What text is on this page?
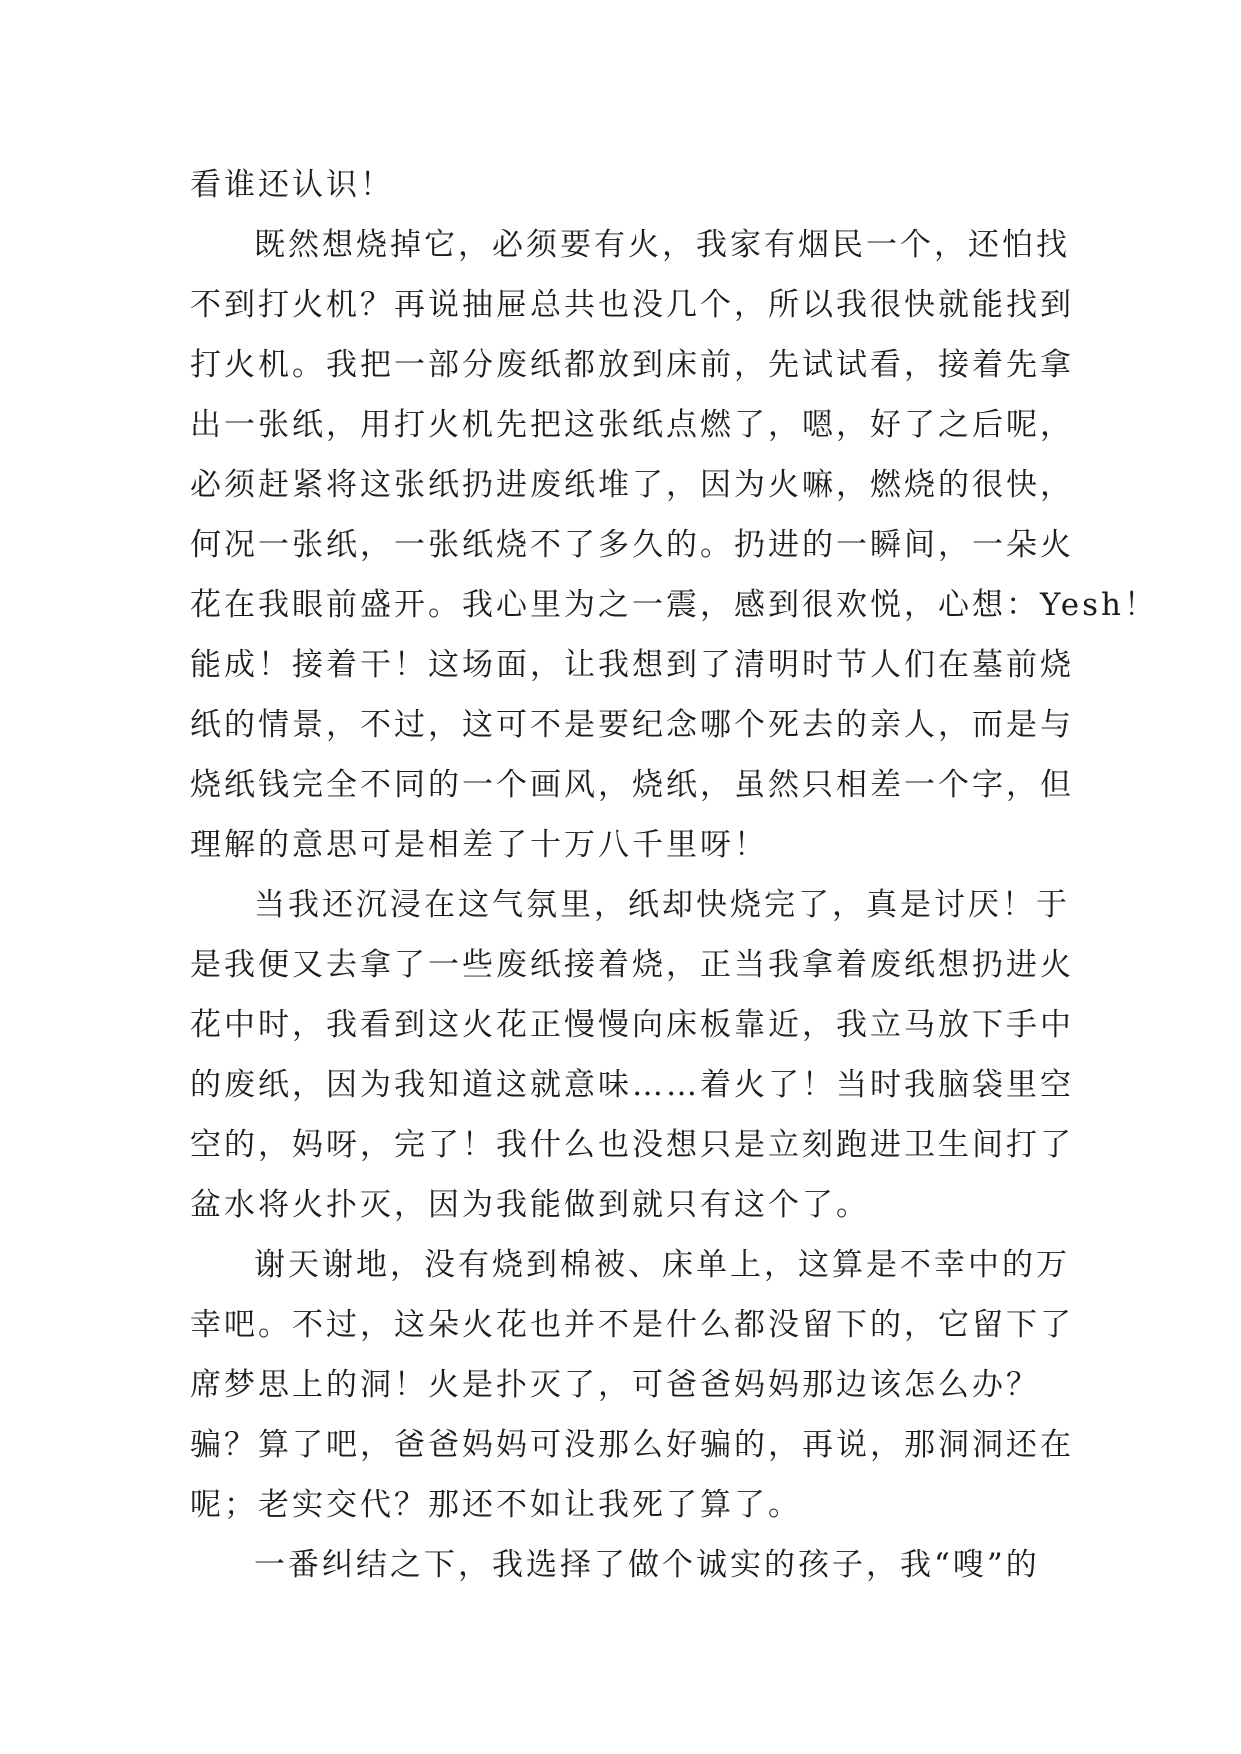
看谁还认识！
既然想烧掉它，必须要有火，我家有烟民一个，还怕找
不到打火机？再说抽屉总共也没几个，所以我很快就能找到
打火机。我把一部分废纸都放到床前，先试试看，接着先拿
出一张纸，用打火机先把这张纸点燃了，嗯，好了之后呢，
必须赶紧将这张纸扔进废纸堆了，因为火嘛，燃烧的很快，
何况一张纸，一张纸烧不了多久的。扔进的一瞬间，一朵火
花在我眼前盛开。我心里为之一震，感到很欢悦，心想：Yesh！
能成！接着干！这场面，让我想到了清明时节人们在墓前烧
纸的情景，不过，这可不是要纪念哪个死去的亲人，而是与
烧纸钱完全不同的一个画风，烧纸，虽然只相差一个字，但
理解的意思可是相差了十万八千里呀！
当我还沉浸在这气氛里，纸却快烧完了，真是讨厌！于
是我便又去拿了一些废纸接着烧，正当我拿着废纸想扔进火
花中时，我看到这火花正慢慢向床板靠近，我立马放下手中
的废纸，因为我知道这就意味……着火了！当时我脑袋里空
空的，妈呀，完了！我什么也没想只是立刻跑进卫生间打了
盆水将火扑灭，因为我能做到就只有这个了。
谢天谢地，没有烧到棉被、床单上，这算是不幸中的万
幸吧。不过，这朵火花也并不是什么都没留下的，它留下了
席梦思上的洞！火是扑灭了，可爸爸妈妈那边该怎么办？
骗？算了吧，爸爸妈妈可没那么好骗的，再说，那洞洞还在
呢；老实交代？那还不如让我死了算了。
一番纠结之下，我选择了做个诚实的孩子，我“嗖”的
